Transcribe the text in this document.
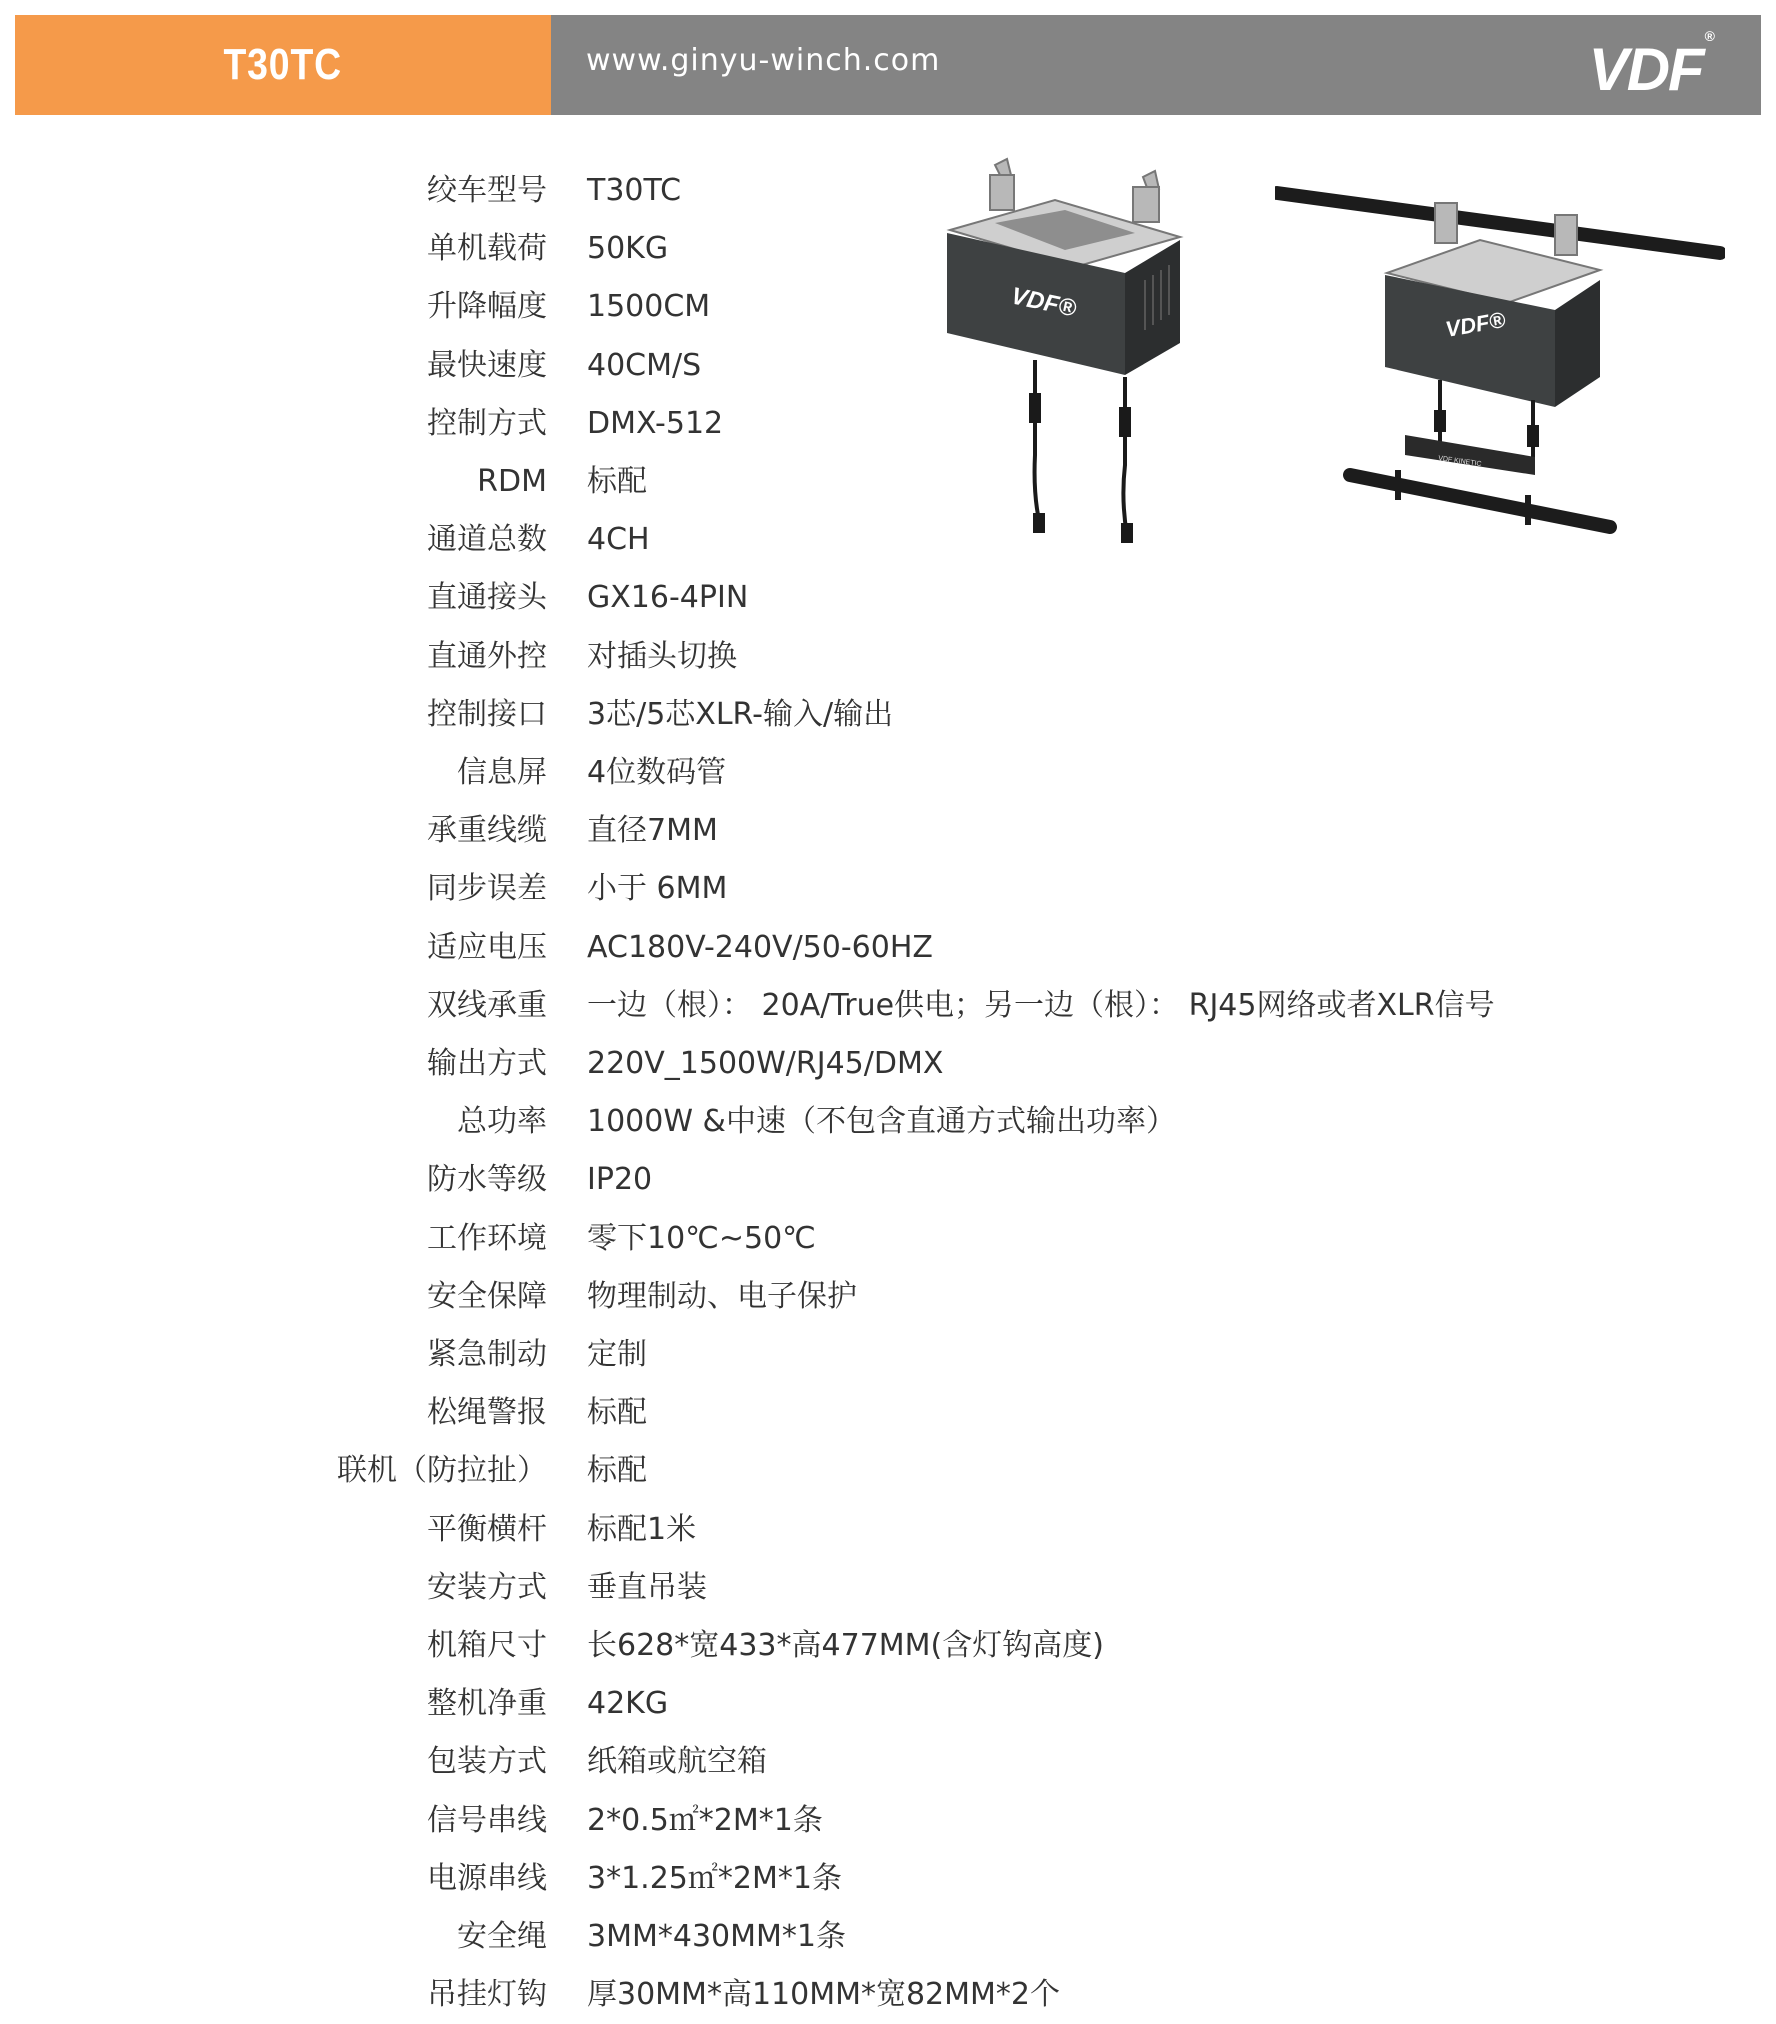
T30TC	www.ginyu-winch.com	VDF ®
VDF®
VDF®
VDF KINETIC
绞车型号 T30TC
单机载荷 50KG
升降幅度 1500CM
最快速度 40CM/S
控制方式 DMX-512
RDM 标配
通道总数 4CH
直通接头 GX16-4PIN
直通外控 对插头切换
控制接口 3芯/5芯XLR-输入/输出
信息屏 4位数码管
承重线缆 直径7MM
同步误差 小于 6MM
适应电压 AC180V-240V/50-60HZ
双线承重 一边（根）： 20A/True供电；另一边（根）： RJ45网络或者XLR信号
输出方式 220V_1500W/RJ45/DMX
总功率 1000W &中速（不包含直通方式输出功率）
防水等级 IP20
工作环境 零下10℃~50℃
安全保障 物理制动、电子保护
紧急制动 定制
松绳警报 标配
联机（防拉扯） 标配
平衡横杆 标配1米
安装方式 垂直吊装
机箱尺寸 长628*宽433*高477MM(含灯钩高度)
整机净重 42KG
包装方式 纸箱或航空箱
信号串线 2*0.5㎡*2M*1条
电源串线 3*1.25㎡*2M*1条
安全绳 3MM*430MM*1条
吊挂灯钩 厚30MM*高110MM*宽82MM*2个
